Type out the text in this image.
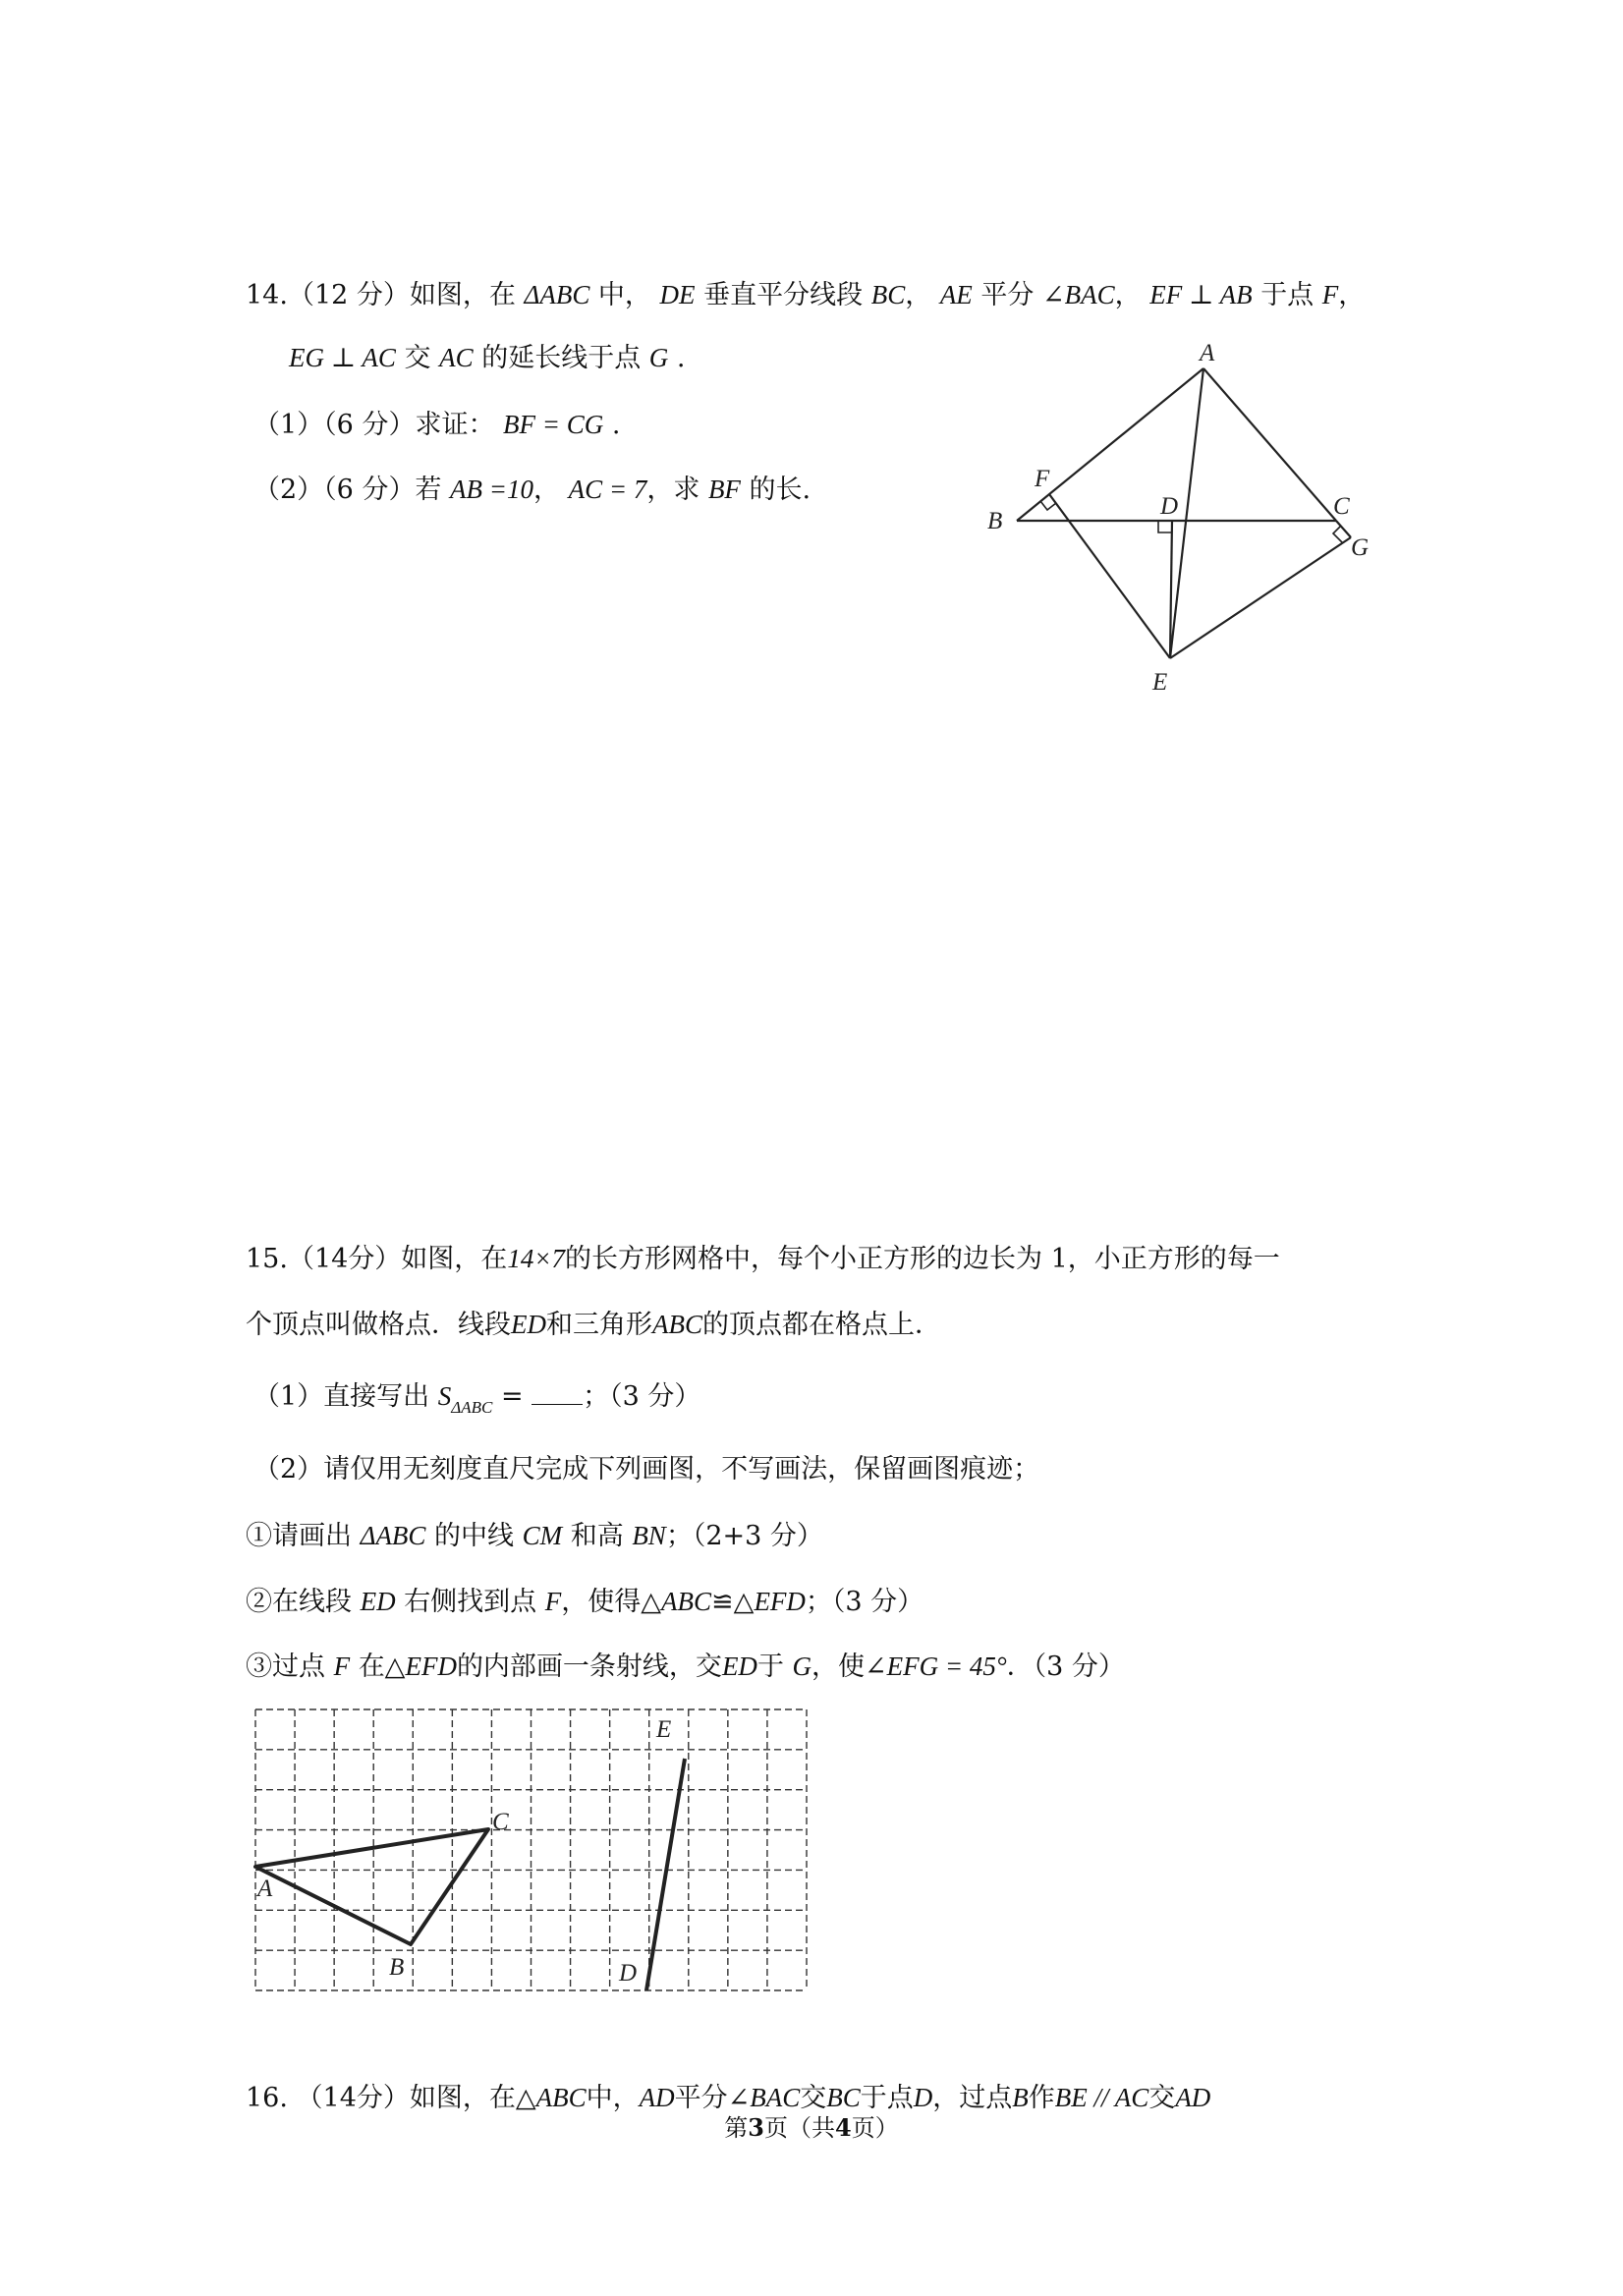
14.（12 分）如图，在 ΔABC 中， DE 垂直平分线段 BC， AE 平分 ∠BAC， EF ⊥ AB 于点 F，
EG ⊥ AC 交 AC 的延长线于点 G .
（1）（6 分）求证： BF = CG .
（2）（6 分）若 AB =10， AC = 7，求 BF 的长.
A
B
C
D
E
F
G
15.（14分）如图，在14×7的长方形网格中，每个小正方形的边长为 1，小正方形的每一
个顶点叫做格点．线段ED和三角形ABC的顶点都在格点上．
（1）直接写出 $S_{\Delta ABC}$ = ；（3 分）
（2）请仅用无刻度直尺完成下列画图，不写画法，保留画图痕迹；
①请画出 ΔABC 的中线 CM 和高 BN；（2+3 分）
②在线段 ED 右侧找到点 F，使得△ABC≌△EFD；（3 分）
③过点 F 在△EFD的内部画一条射线，交ED于 G，使∠EFG = 45°．（3 分）
A
B
C
D
E
16. （14分）如图，在△ABC中，AD平分∠BAC交BC于点D，过点B作BE // AC交AD
第3页（共4页）
